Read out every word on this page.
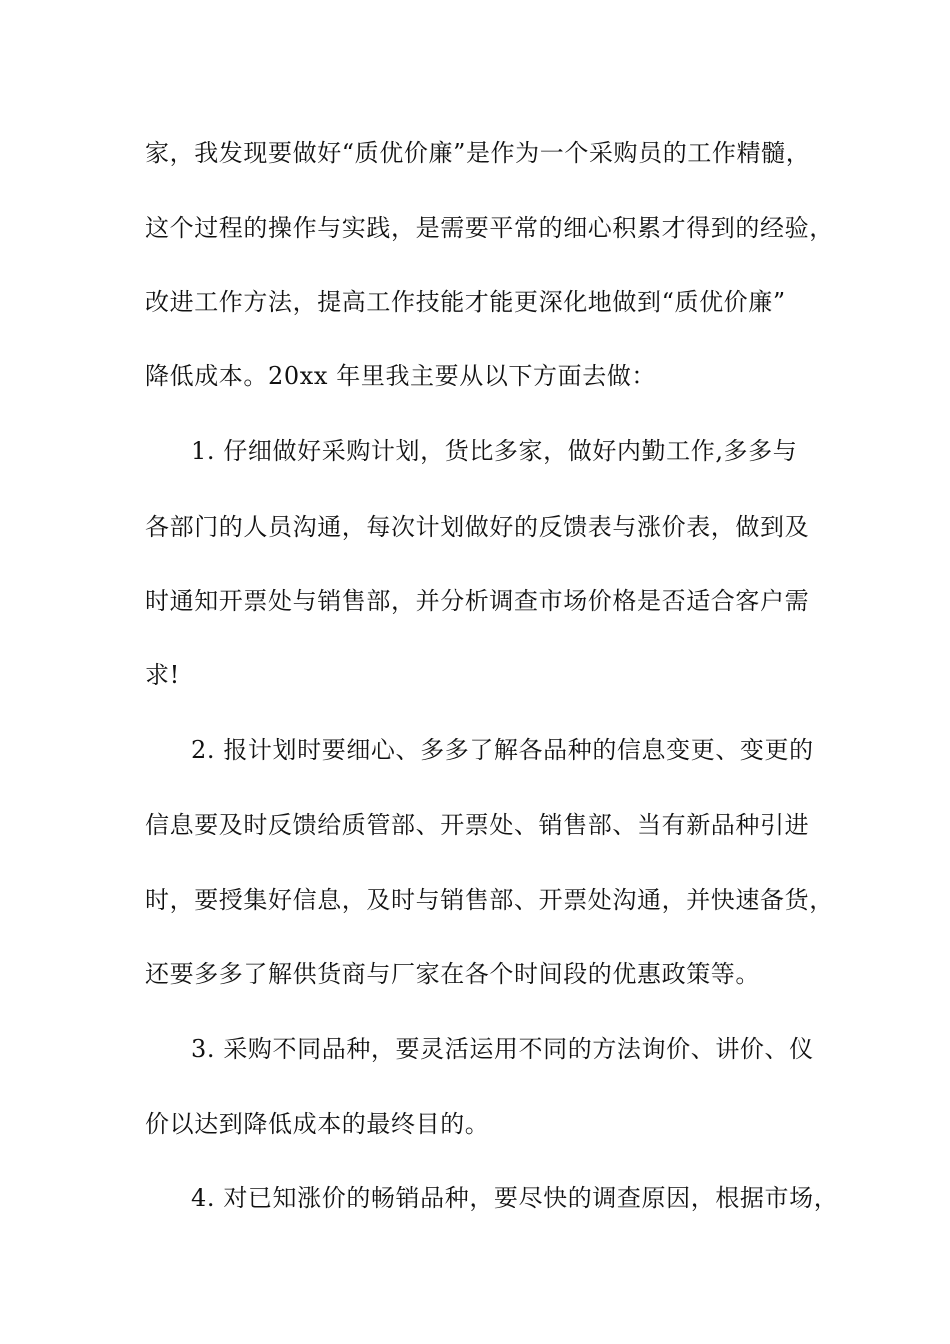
家，我发现要做好“质优价廉”是作为一个采购员的工作精髓，
这个过程的操作与实践，是需要平常的细心积累才得到的经验，
改进工作方法，提高工作技能才能更深化地做到“质优价廉”
降低成本。20xx 年里我主要从以下方面去做：
1. 仔细做好采购计划，货比多家，做好内勤工作,多多与
各部门的人员沟通，每次计划做好的反馈表与涨价表，做到及
时通知开票处与销售部，并分析调查市场价格是否适合客户需
求!
2. 报计划时要细心、多多了解各品种的信息变更、变更的
信息要及时反馈给质管部、开票处、销售部、当有新品种引进
时，要授集好信息，及时与销售部、开票处沟通，并快速备货，
还要多多了解供货商与厂家在各个时间段的优惠政策等。
3. 采购不同品种，要灵活运用不同的方法询价、讲价、仪
价以达到降低成本的最终目的。
4. 对已知涨价的畅销品种，要尽快的调查原因，根据市场，
